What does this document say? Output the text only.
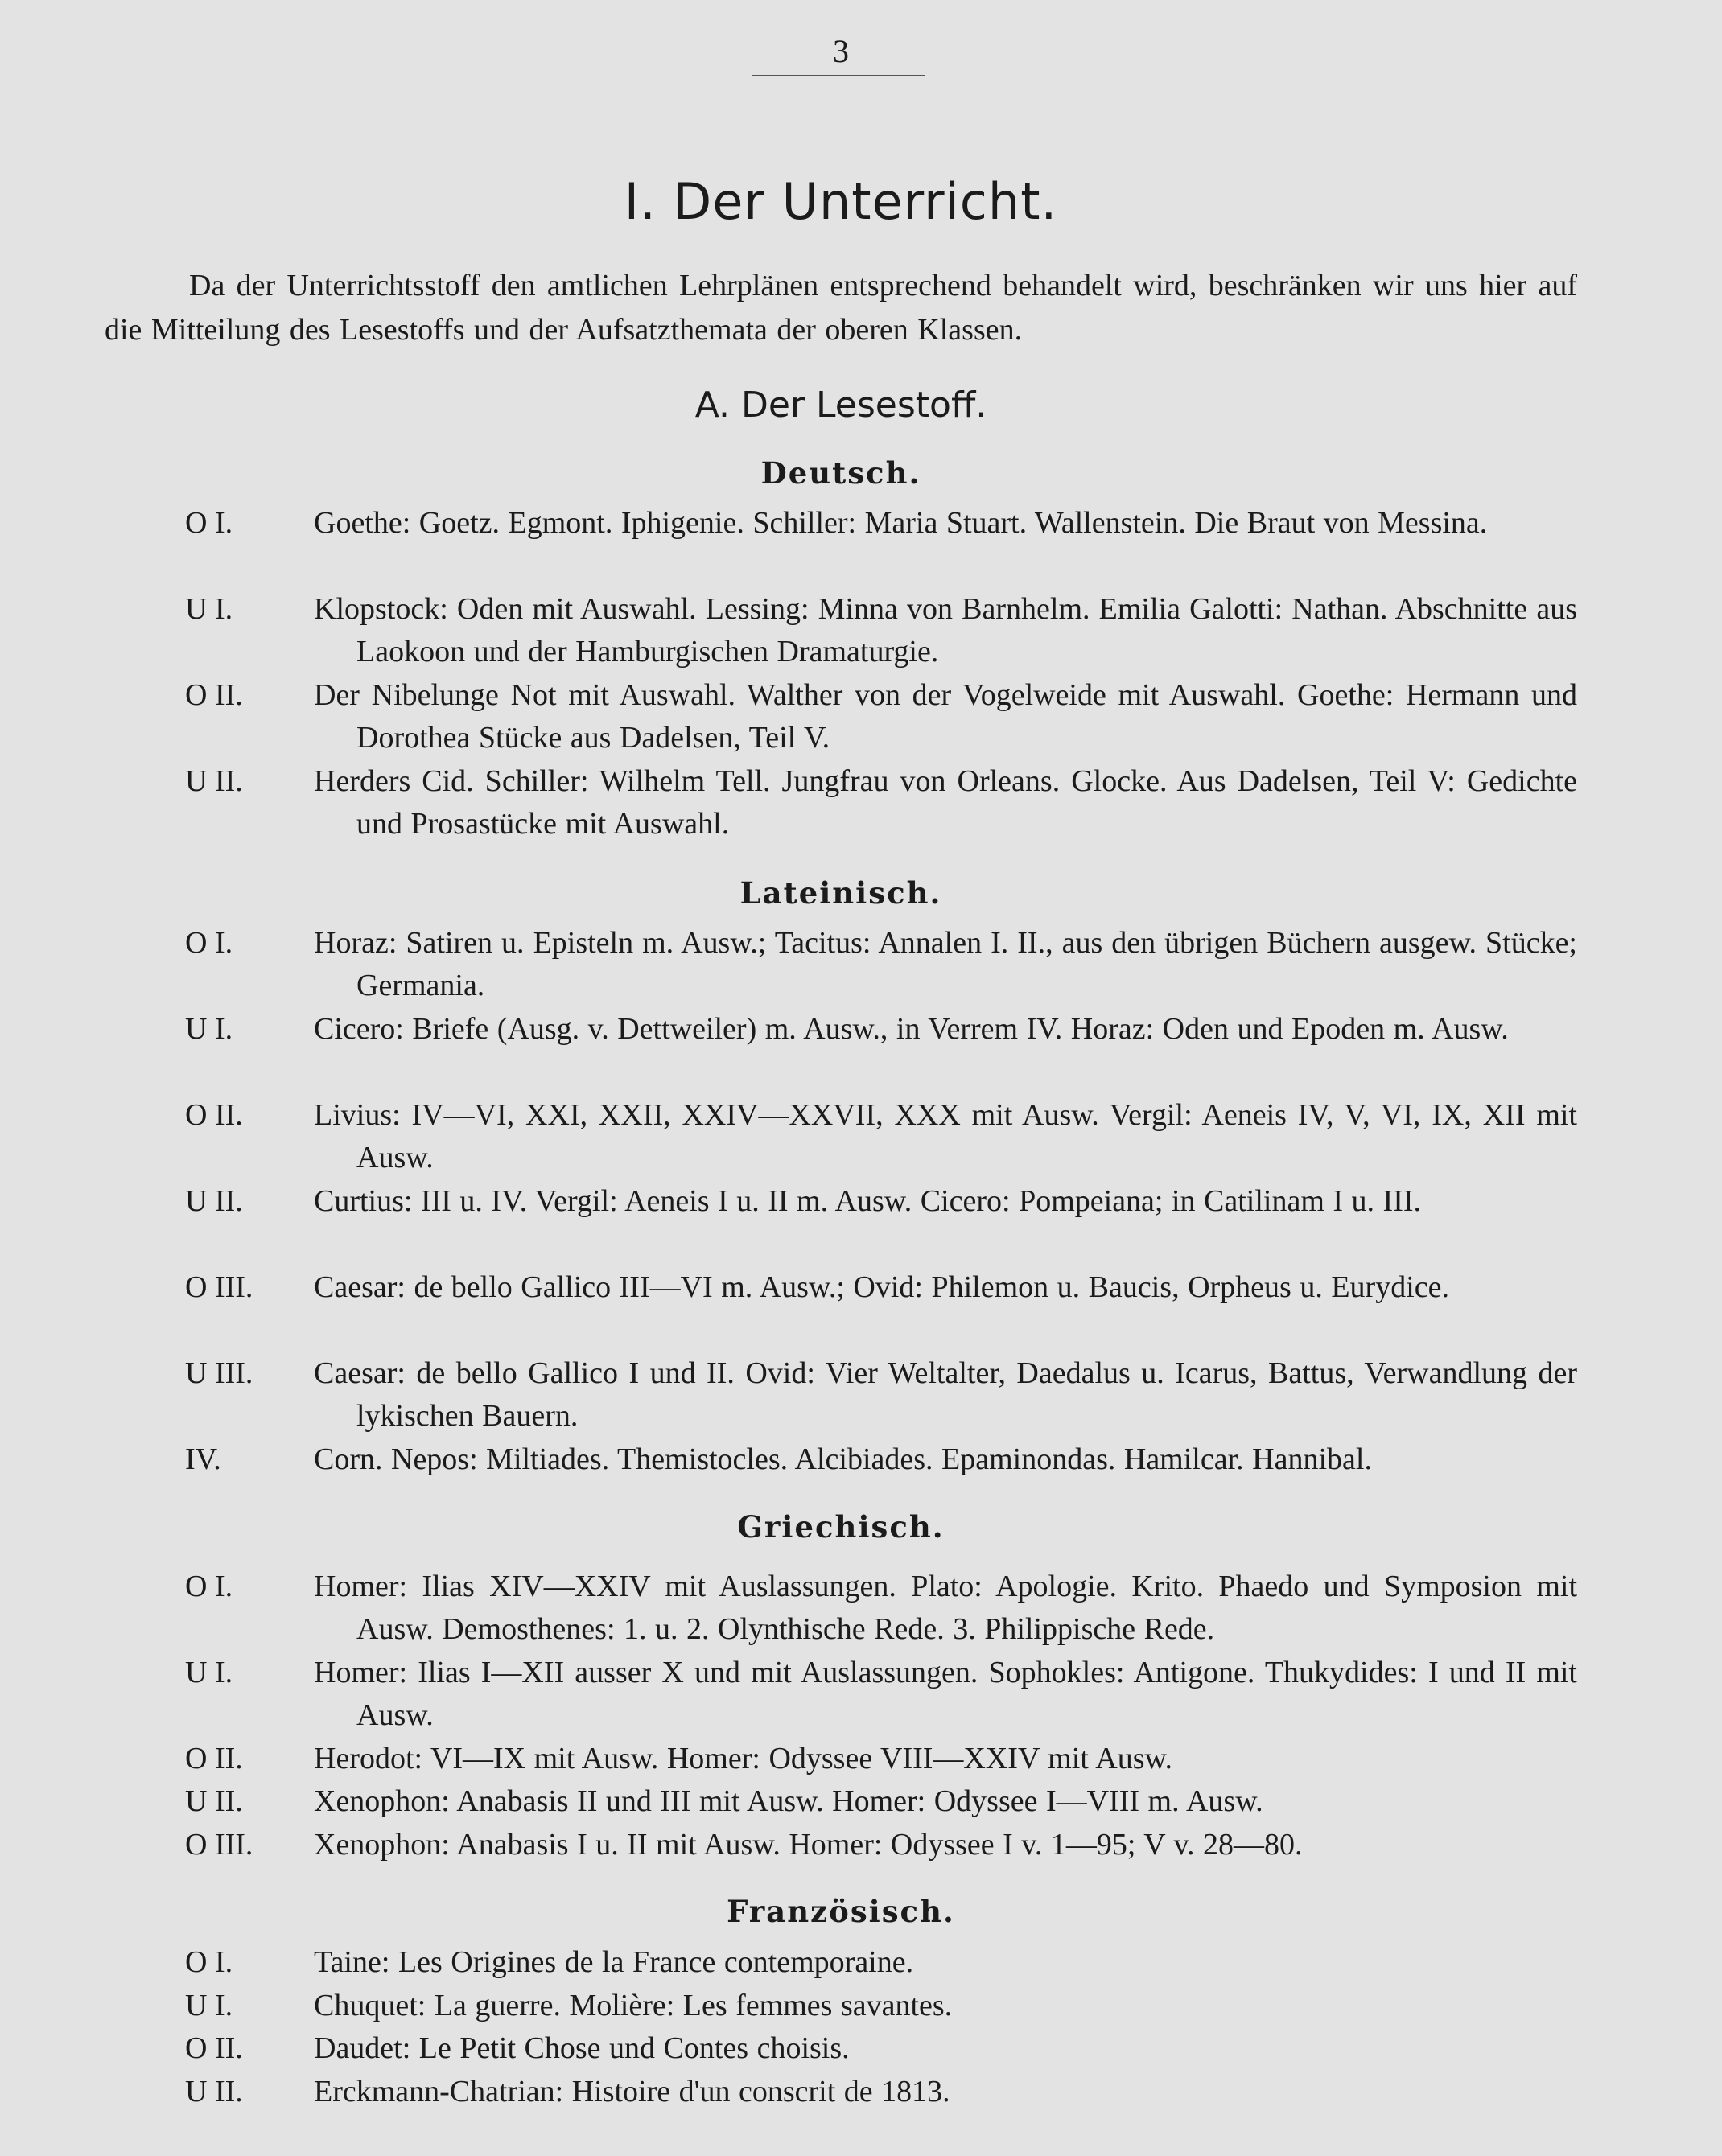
3
I. Der Unterricht.

Da der Unterrichtsstoff den amtlichen Lehrplänen entsprechend behandelt wird, beschränken wir uns hier auf die Mitteilung des Lesestoffs und der Aufsatzthemata der oberen Klassen.

A. Der Lesestoff.
Deutsch.
O I.	Goethe: Goetz. Egmont. Iphigenie. Schiller: Maria Stuart. Wallenstein. Die Braut von Messina.
U I.	Klopstock: Oden mit Auswahl. Lessing: Minna von Barnhelm. Emilia Galotti: Nathan. Abschnitte aus Laokoon und der Hamburgischen Dramaturgie.
O II. Der Nibelunge Not mit Auswahl. Walther von der Vogelweide mit Auswahl. Goethe: Hermann und Dorothea Stücke aus Dadelsen, Teil V.
U II. Herders Cid. Schiller: Wilhelm Tell. Jungfrau von Orleans. Glocke. Aus Dadelsen, Teil V: Gedichte und Prosastücke mit Auswahl.
Lateinisch.
O I.	Horaz: Satiren u. Episteln m. Ausw.; Tacitus: Annalen I. II., aus den übrigen Büchern ausgew. Stücke; Germania.
U I.	Cicero: Briefe (Ausg. v. Dettweiler) m. Ausw., in Verrem IV. Horaz: Oden und Epoden m. Ausw.
O II. Livius: IV—VI, XXI, XXII, XXIV—XXVII, XXX mit Ausw. Vergil: Aeneis IV, V, VI, IX, XII mit Ausw.
U II. Curtius: III u. IV. Vergil: Aeneis I u. II m. Ausw. Cicero: Pompeiana; in Catilinam I u. III.
O III. Caesar: de bello Gallico III—VI m. Ausw.; Ovid: Philemon u. Baucis, Orpheus u. Eurydice.
U III. Caesar: de bello Gallico I und II. Ovid: Vier Weltalter, Daedalus u. Icarus, Battus, Verwandlung der lykischen Bauern.
IV.	Corn. Nepos: Miltiades. Themistocles. Alcibiades. Epaminondas. Hamilcar. Hannibal.
Griechisch.
O I.	Homer: Ilias XIV—XXIV mit Auslassungen. Plato: Apologie. Krito. Phaedo und Symposion mit Ausw. Demosthenes: 1. u. 2. Olynthische Rede. 3. Philippische Rede.
U I.	Homer: Ilias I—XII ausser X und mit Auslassungen. Sophokles: Antigone. Thukydides: I und II mit Ausw.
O II. Herodot: VI—IX mit Ausw. Homer: Odyssee VIII—XXIV mit Ausw.
U II. Xenophon: Anabasis II und III mit Ausw. Homer: Odyssee I—VIII m. Ausw.
O III. Xenophon: Anabasis I u. II mit Ausw. Homer: Odyssee I v. 1—95; V v. 28—80.
Französisch.
O I.	Taine: Les Origines de la France contemporaine.
U I.	Chuquet: La guerre. Molière: Les femmes savantes.
O II. Daudet: Le Petit Chose und Contes choisis.
U II. Erckmann-Chatrian: Histoire d'un conscrit de 1813.
